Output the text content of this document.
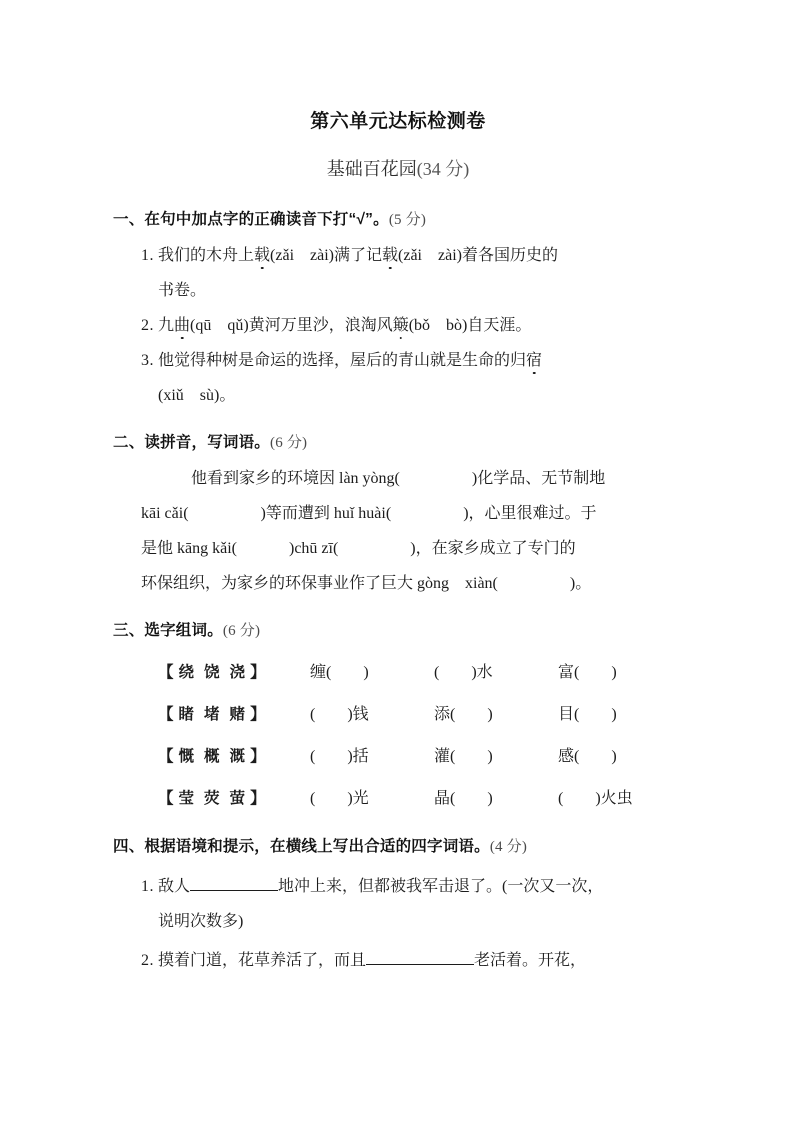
第六单元达标检测卷
基础百花园(34 分)
一、在句中加点字的正确读音下打“√”。(5 分)
1. 我们的木舟上载(zǎi　zài)满了记载(zǎi　zài)着各国历史的
书卷。
2. 九曲(qū　qǔ)黄河万里沙，浪淘风簸(bǒ　bò)自天涯。
3. 他觉得种树是命运的选择，屋后的青山就是生命的归宿
(xiǔ　sù)。
二、读拼音，写词语。(6 分)
他看到家乡的环境因 làn yòng(	)化学品、无节制地
kāi cǎi(	)等而遭到 huǐ huài(	)，心里很难过。于
是他 kāng kǎi(	)chū zī(	)，在家乡成立了专门的
环保组织，为家乡的环保事业作了巨大 gòng　xiàn(	)。
三、选字组词。(6 分)
【 绕 饶 浇 】	缠(　　)	(　　)水	富(　　)
【 睹 堵 赌 】	(　　)钱	添(　　)	目(　　)
【 慨 概 溉 】	(　　)括	灌(　　)	感(　　)
【 莹 荧 萤 】	(　　)光	晶(　　)	(　　)火虫
四、根据语境和提示，在横线上写出合适的四字词语。(4 分)
1. 敌人	地冲上来，但都被我军击退了。(一次又一次，
说明次数多)
2. 摸着门道，花草养活了，而且	老活着。开花，
